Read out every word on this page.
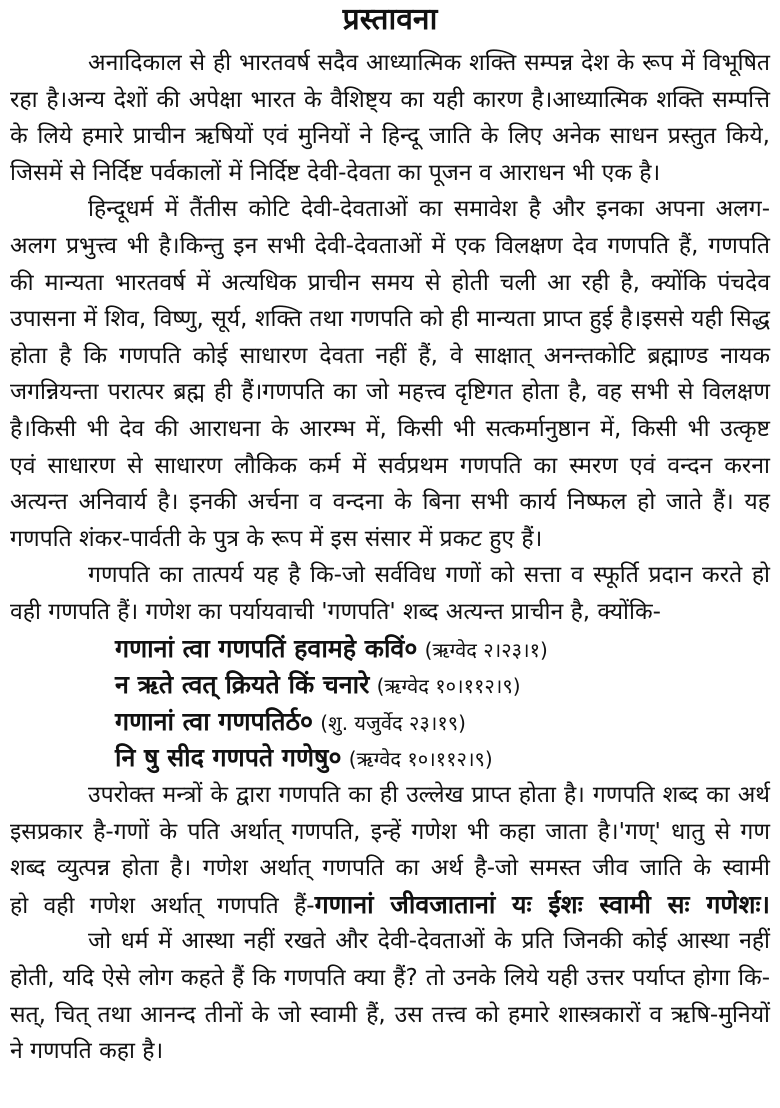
प्रस्तावना
अनादिकाल से ही भारतवर्ष सदैव आध्यात्मिक शक्ति सम्पन्न देश के रूप में विभूषित
रहा है।अन्य देशों की अपेक्षा भारत के वैशिष्ट्य का यही कारण है।आध्यात्मिक शक्ति सम्पत्ति
के लिये हमारे प्राचीन ऋषियों एवं मुनियों ने हिन्दू जाति के लिए अनेक साधन प्रस्तुत किये,
जिसमें से निर्दिष्ट पर्वकालों में निर्दिष्ट देवी-देवता का पूजन व आराधन भी एक है।
हिन्दूधर्म में तैंतीस कोटि देवी-देवताओं का समावेश है और इनका अपना अलग-
अलग प्रभुत्त्व भी है।किन्तु इन सभी देवी-देवताओं में एक विलक्षण देव गणपति हैं, गणपति
की मान्यता भारतवर्ष में अत्यधिक प्राचीन समय से होती चली आ रही है, क्योंकि पंचदेव
उपासना में शिव, विष्णु, सूर्य, शक्ति तथा गणपति को ही मान्यता प्राप्त हुई है।इससे यही सिद्ध
होता है कि गणपति कोई साधारण देवता नहीं हैं, वे साक्षात् अनन्तकोटि ब्रह्माण्ड नायक
जगन्नियन्ता परात्पर ब्रह्म ही हैं।गणपति का जो महत्त्व दृष्टिगत होता है, वह सभी से विलक्षण
है।किसी भी देव की आराधना के आरम्भ में, किसी भी सत्कर्मानुष्ठान में, किसी भी उत्कृष्ट
एवं साधारण से साधारण लौकिक कर्म में सर्वप्रथम गणपति का स्मरण एवं वन्दन करना
अत्यन्त अनिवार्य है। इनकी अर्चना व वन्दना के बिना सभी कार्य निष्फल हो जाते हैं। यह
गणपति शंकर-पार्वती के पुत्र के रूप में इस संसार में प्रकट हुए हैं।
गणपति का तात्पर्य यह है कि-जो सर्वविध गणों को सत्ता व स्फूर्ति प्रदान करते हो
वही गणपति हैं। गणेश का पर्यायवाची 'गणपति' शब्द अत्यन्त प्राचीन है, क्योंकि-
गणानां त्वा गणपतिं हवामहे कविं० (ऋग्वेद २।२३।१)
न ऋते त्वत् क्रियते किं चनारे (ऋग्वेद १०।११२।९)
गणानां त्वा गणपतिर्ठ० (शु. यजुर्वेद २३।१९)
नि षु सीद गणपते गणेषु० (ऋग्वेद १०।११२।९)
उपरोक्त मन्त्रों के द्वारा गणपति का ही उल्लेख प्राप्त होता है। गणपति शब्द का अर्थ
इसप्रकार है-गणों के पति अर्थात् गणपति, इन्हें गणेश भी कहा जाता है।'गण्' धातु से गण
शब्द व्युत्पन्न होता है। गणेश अर्थात् गणपति का अर्थ है-जो समस्त जीव जाति के स्वामी
हो वही गणेश अर्थात् गणपति हैं-गणानां जीवजातानां यः ईशः स्वामी सः गणेशः।
जो धर्म में आस्था नहीं रखते और देवी-देवताओं के प्रति जिनकी कोई आस्था नहीं
होती, यदि ऐसे लोग कहते हैं कि गणपति क्या हैं? तो उनके लिये यही उत्तर पर्याप्त होगा कि-
सत्, चित् तथा आनन्द तीनों के जो स्वामी हैं, उस तत्त्व को हमारे शास्त्रकारों व ऋषि-मुनियों
ने गणपति कहा है।
